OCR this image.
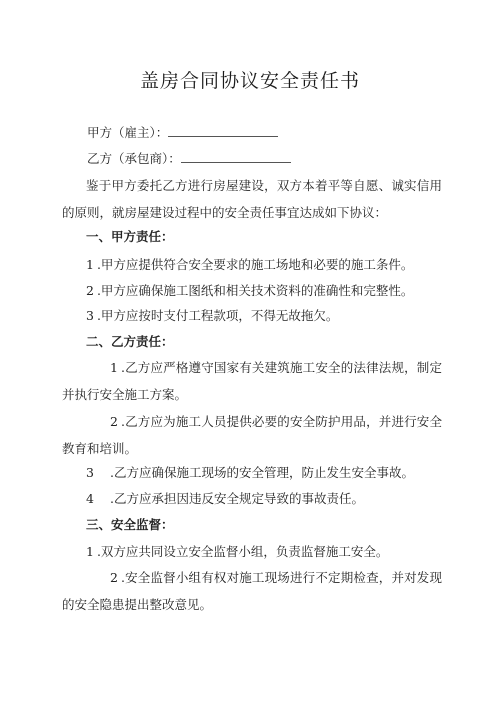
盖房合同协议安全责任书
甲方（雇主）：
乙方（承包商）：
鉴于甲方委托乙方进行房屋建设，双方本着平等自愿、诚实信用的原则，就房屋建设过程中的安全责任事宜达成如下协议：
一、甲方责任：
1 .甲方应提供符合安全要求的施工场地和必要的施工条件。
2 .甲方应确保施工图纸和相关技术资料的准确性和完整性。
3 .甲方应按时支付工程款项，不得无故拖欠。
二、乙方责任：
1 .乙方应严格遵守国家有关建筑施工安全的法律法规，制定并执行安全施工方案。
2 .乙方应为施工人员提供必要的安全防护用品，并进行安全教育和培训。
3 .乙方应确保施工现场的安全管理，防止发生安全事故。
4 .乙方应承担因违反安全规定导致的事故责任。
三、安全监督：
1 .双方应共同设立安全监督小组，负责监督施工安全。
2 .安全监督小组有权对施工现场进行不定期检查，并对发现的安全隐患提出整改意见。
